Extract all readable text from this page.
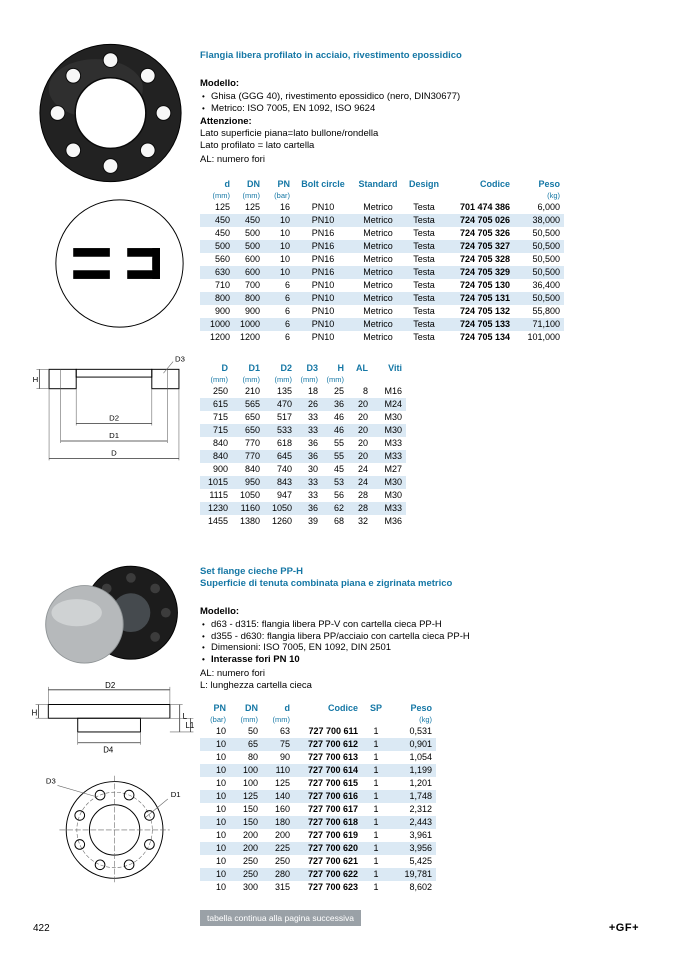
D3
H
D2
D1
D
D2
D4
H	L
L1
D3
D1
Flangia libera profilato in acciaio, rivestimento epossidico
Modello:
• Ghisa (GGG 40), rivestimento epossidico (nero, DIN30677)
• Metrico: ISO 7005, EN 1092, ISO 9624
Attenzione:
Lato superficie piana=lato bullone/rondella
Lato profilato = lato cartella
AL: numero fori
d	DN	PN	Bolt circle	Standard	Design	Codice	Peso
(mm)	(mm)	(bar)					(kg)
125	125	16	PN10	Metrico	Testa	701 474 386	6,000
450	450	10	PN10	Metrico	Testa	724 705 026	38,000
450	500	10	PN16	Metrico	Testa	724 705 326	50,500
500	500	10	PN16	Metrico	Testa	724 705 327	50,500
560	600	10	PN16	Metrico	Testa	724 705 328	50,500
630	600	10	PN16	Metrico	Testa	724 705 329	50,500
710	700	6	PN10	Metrico	Testa	724 705 130	36,400
800	800	6	PN10	Metrico	Testa	724 705 131	50,500
900	900	6	PN10	Metrico	Testa	724 705 132	55,800
1000	1000	6	PN10	Metrico	Testa	724 705 133	71,100
1200	1200	6	PN10	Metrico	Testa	724 705 134	101,000
D	D1	D2	D3	H	AL	Viti
(mm)	(mm)	(mm)	(mm)	(mm)		
250	210	135	18	25	8	M16
615	565	470	26	36	20	M24
715	650	517	33	46	20	M30
715	650	533	33	46	20	M30
840	770	618	36	55	20	M33
840	770	645	36	55	20	M33
900	840	740	30	45	24	M27
1015	950	843	33	53	24	M30
1115	1050	947	33	56	28	M30
1230	1160	1050	36	62	28	M33
1455	1380	1260	39	68	32	M36
Set flange cieche PP-H
Superficie di tenuta combinata piana e zigrinata metrico
Modello:
• d63 - d315: flangia libera PP-V con cartella cieca PP-H
• d355 - d630: flangia libera PP/acciaio con cartella cieca PP-H
• Dimensioni: ISO 7005, EN 1092, DIN 2501
• Interasse fori PN 10
AL: numero fori
L: lunghezza cartella cieca
PN	DN	d	Codice	SP	Peso
(bar)	(mm)	(mm)			(kg)
10	50	63	727 700 611	1	0,531
10	65	75	727 700 612	1	0,901
10	80	90	727 700 613	1	1,054
10	100	110	727 700 614	1	1,199
10	100	125	727 700 615	1	1,201
10	125	140	727 700 616	1	1,748
10	150	160	727 700 617	1	2,312
10	150	180	727 700 618	1	2,443
10	200	200	727 700 619	1	3,961
10	200	225	727 700 620	1	3,956
10	250	250	727 700 621	1	5,425
10	250	280	727 700 622	1	19,781
10	300	315	727 700 623	1	8,602
tabella continua alla pagina successiva
422	+GF+
